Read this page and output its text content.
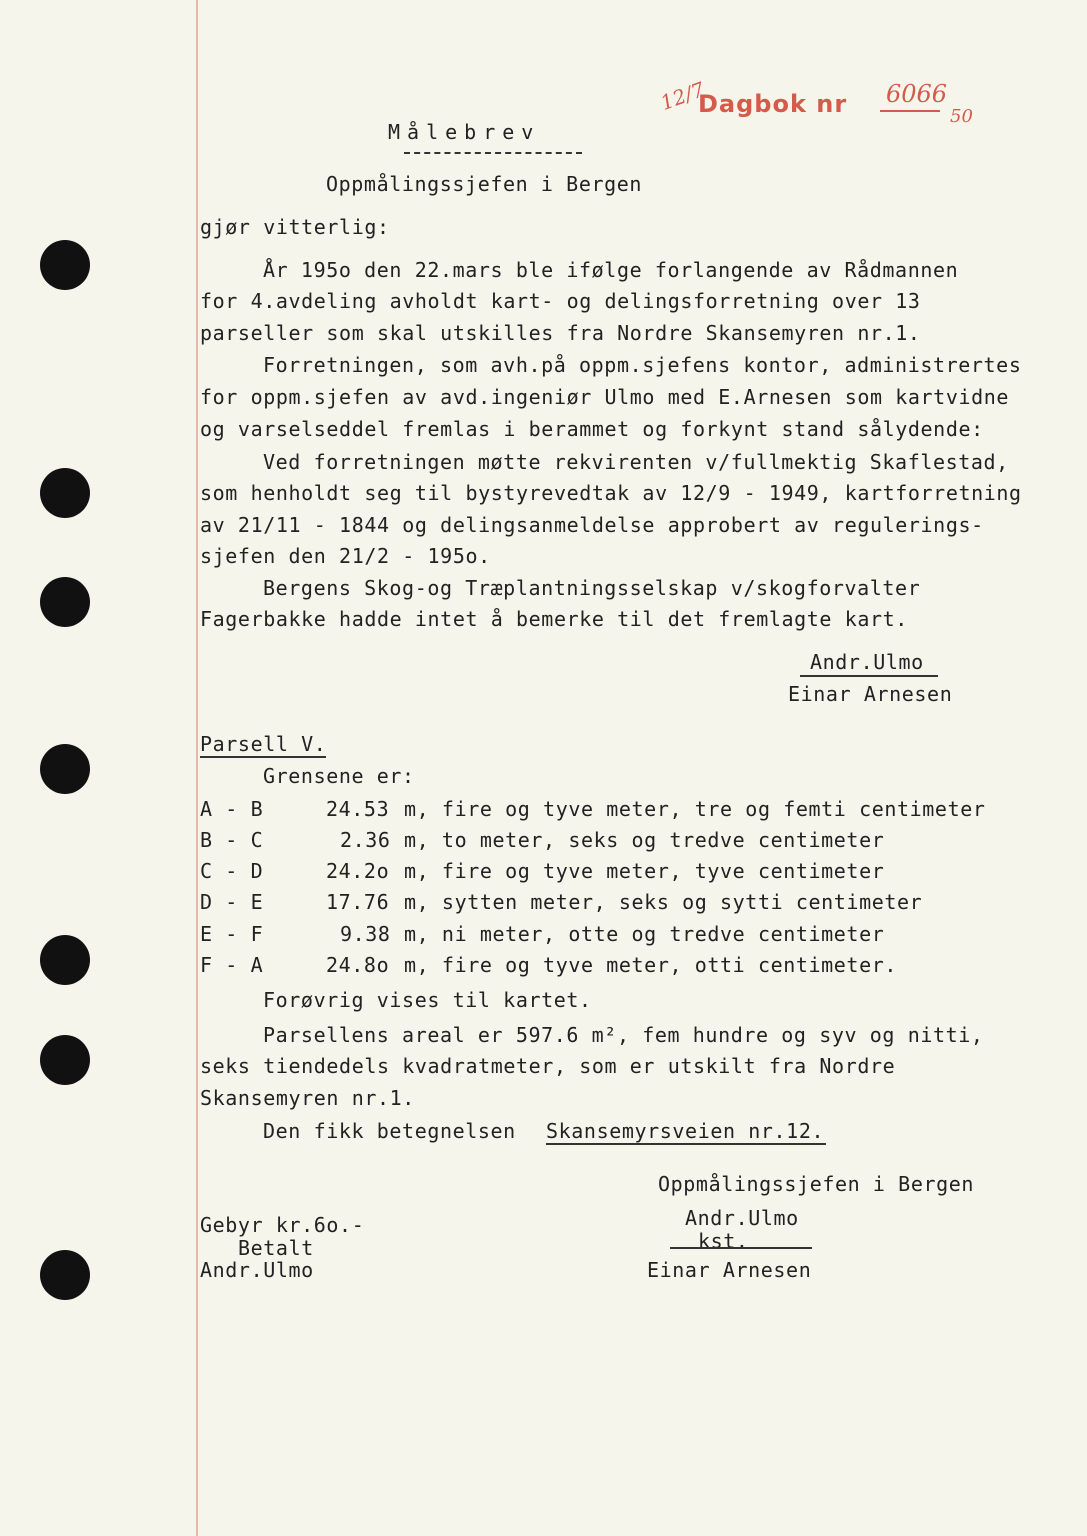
12/7
Dagbok nr 6066
50
Målebrev
Oppmålingssjefen i Bergen
gjør vitterlig:
År 195o den 22.mars ble ifølge forlangende av Rådmannen
for 4.avdeling avholdt kart- og delingsforretning over 13
parseller som skal utskilles fra Nordre Skansemyren nr.1.
Forretningen, som avh.på oppm.sjefens kontor, administrertes
for oppm.sjefen av avd.ingeniør Ulmo med E.Arnesen som kartvidne
og varselseddel fremlas i berammet og forkynt stand sålydende:
Ved forretningen møtte rekvirenten v/fullmektig Skaflestad,
som henholdt seg til bystyrevedtak av 12/9 - 1949, kartforretning
av 21/11 - 1844 og delingsanmeldelse approbert av regulerings-
sjefen den 21/2 - 195o.
Bergens Skog-og Træplantningsselskap v/skogforvalter
Fagerbakke hadde intet å bemerke til det fremlagte kart.
Andr.Ulmo
Einar Arnesen
Parsell V.
Grensene er:
A - B	24.53 m, fire og tyve meter, tre og femti centimeter
B - C	2.36 m, to meter, seks og tredve centimeter
C - D	24.2o m, fire og tyve meter, tyve centimeter
D - E	17.76 m, sytten meter, seks og sytti centimeter
E - F	9.38 m, ni meter, otte og tredve centimeter
F - A	24.8o m, fire og tyve meter, otti centimeter.
Forøvrig vises til kartet.
Parsellens areal er 597.6 m², fem hundre og syv og nitti,
seks tiendedels kvadratmeter, som er utskilt fra Nordre
Skansemyren nr.1.
Den fikk betegnelsen Skansemyrsveien nr.12.
Oppmålingssjefen i Bergen
Andr.Ulmo
kst.
Einar Arnesen
Gebyr kr.6o.-
Betalt
Andr.Ulmo
